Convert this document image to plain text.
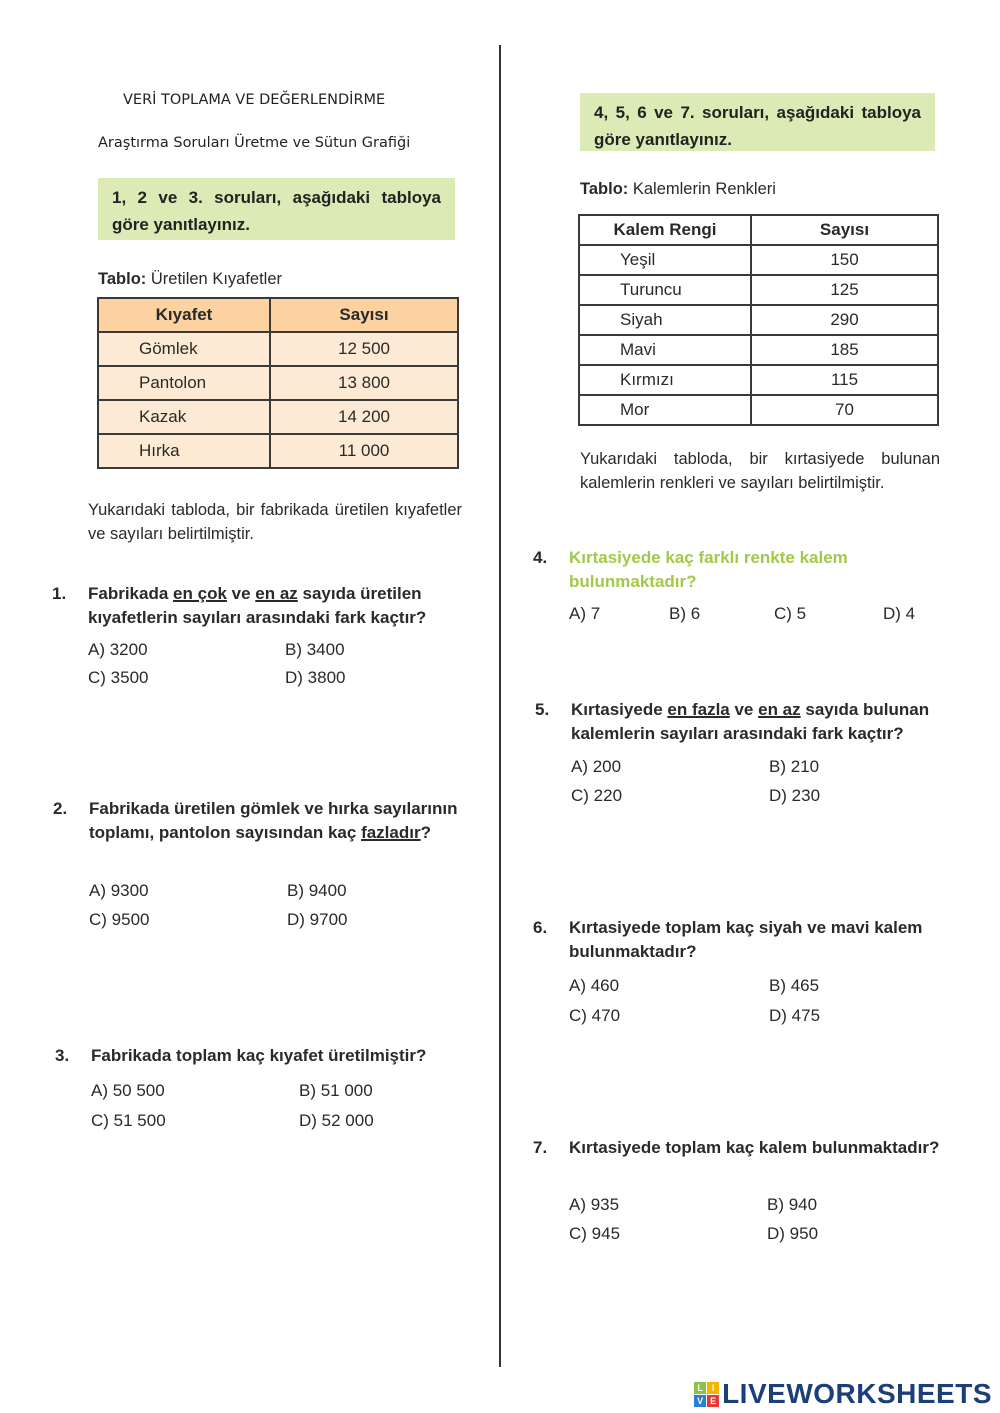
VERİ TOPLAMA VE DEĞERLENDİRME
Araştırma Soruları Üretme ve Sütun Grafiği
1, 2 ve 3. soruları, aşağıdaki tabloya göre yanıtlayınız.
Tablo: Üretilen Kıyafetler
Kıyafet	Sayısı
Gömlek	12 500
Pantolon	13 800
Kazak	14 200
Hırka	11 000
Yukarıdaki tabloda, bir fabrikada üretilen kıyafetler ve sayıları belirtilmiştir.
1. Fabrikada en çok ve en az sayıda üretilen kıyafetlerin sayıları arasındaki fark kaçtır?
A) 3200	B) 3400
C) 3500	D) 3800
2. Fabrikada üretilen gömlek ve hırka sayılarının toplamı, pantolon sayısından kaç fazladır?
A) 9300	B) 9400
C) 9500	D) 9700
3. Fabrikada toplam kaç kıyafet üretilmiştir?
A) 50 500	B) 51 000
C) 51 500	D) 52 000
4, 5, 6 ve 7. soruları, aşağıdaki tabloya göre yanıtlayınız.
Tablo: Kalemlerin Renkleri
Kalem Rengi	Sayısı
Yeşil	150
Turuncu	125
Siyah	290
Mavi	185
Kırmızı	115
Mor	70
Yukarıdaki tabloda, bir kırtasiyede bulunan kalemlerin renkleri ve sayıları belirtilmiştir.
4. Kırtasiyede kaç farklı renkte kalem bulunmaktadır?
A) 7	B) 6	C) 5	D) 4
5. Kırtasiyede en fazla ve en az sayıda bulunan kalemlerin sayıları arasındaki fark kaçtır?
A) 200	B) 210
C) 220	D) 230
6. Kırtasiyede toplam kaç siyah ve mavi kalem bulunmaktadır?
A) 460	B) 465
C) 470	D) 475
7. Kırtasiyede toplam kaç kalem bulunmaktadır?
A) 935	B) 940
C) 945	D) 950
L I
V E LIVEWORKSHEETS
